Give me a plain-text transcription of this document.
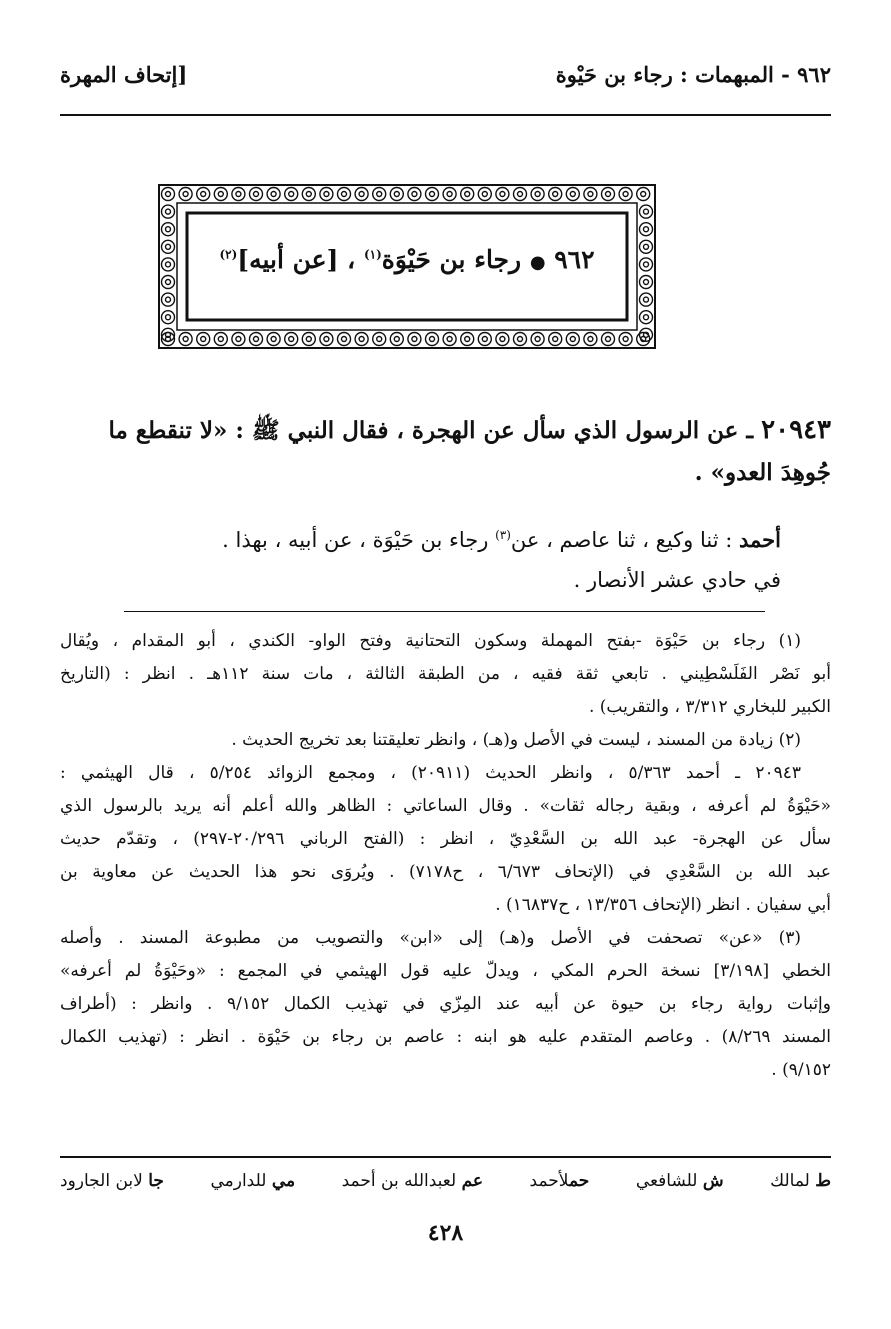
٩٦٢ - المبهمات : رجاء بن حَيْوة
[إتحاف المهرة
٩٦٢ ● رجاء بن حَيْوَة$^{(١)}$ ، [عن أبيه]$^{(٢)}$
٢٠٩٤٣ ـ عن الرسول الذي سأل عن الهجرة ، فقال النبي ﷺ : «لا تنقطع ما
جُوهِدَ العدو» .
أحمد : ثنا وكيع ، ثنا عاصم ، عن$^{(٣)}$ رجاء بن حَيْوَة ، عن أبيه ، بهذا .
في حادي عشر الأنصار .
(١) رجاء بن حَيْوَة -بفتح المهملة وسكون التحتانية وفتح الواو- الكندي ، أبو المقدام ، ويُقال
أبو نَصْر الفَلَسْطِيني . تابعي ثقة فقيه ، من الطبقة الثالثة ، مات سنة ١١٢هـ . انظر : (التاريخ
الكبير للبخاري ٣/٣١٢ ، والتقريب) .
(٢) زيادة من المسند ، ليست في الأصل و(هـ) ، وانظر تعليقتنا بعد تخريج الحديث .
٢٠٩٤٣ ـ أحمد ٥/٣٦٣ ، وانظر الحديث (٢٠٩١١) ، ومجمع الزوائد ٥/٢٥٤ ، قال الهيثمي :
«حَيْوَةُ لم أعرفه ، وبقية رجاله ثقات» . وقال الساعاتي : الظاهر والله أعلم أنه يريد بالرسول الذي
سأل عن الهجرة- عبد الله بن السَّعْدِيّ ، انظر : (الفتح الرباني ٢٠/٢٩٦-٢٩٧) ، وتقدّم حديث
عبد الله بن السَّعْدِي في (الإتحاف ٦/٦٧٣ ، ح٧١٧٨) . ويُروَى نحو هذا الحديث عن معاوية بن
أبي سفيان . انظر (الإتحاف ١٣/٣٥٦ ، ح١٦٨٣٧) .
(٣) «عن» تصحفت في الأصل و(هـ) إلى «ابن» والتصويب من مطبوعة المسند . وأصله
الخطي [٣/١٩٨] نسخة الحرم المكي ، ويدلّ عليه قول الهيثمي في المجمع : «وحَيْوَةُ لم أعرفه»
وإثبات رواية رجاء بن حيوة عن أبيه عند المِزّي في تهذيب الكمال ٩/١٥٢ . وانظر : (أطراف
المسند ٨/٢٦٩) . وعاصم المتقدم عليه هو ابنه : عاصم بن رجاء بن حَيْوَة . انظر : (تهذيب الكمال
٩/١٥٢) .
ط لمالك
ش للشافعي
حملأحمد
عم لعبدالله بن أحمد
مي للدارمي
جا لابن الجارود
٤٢٨
